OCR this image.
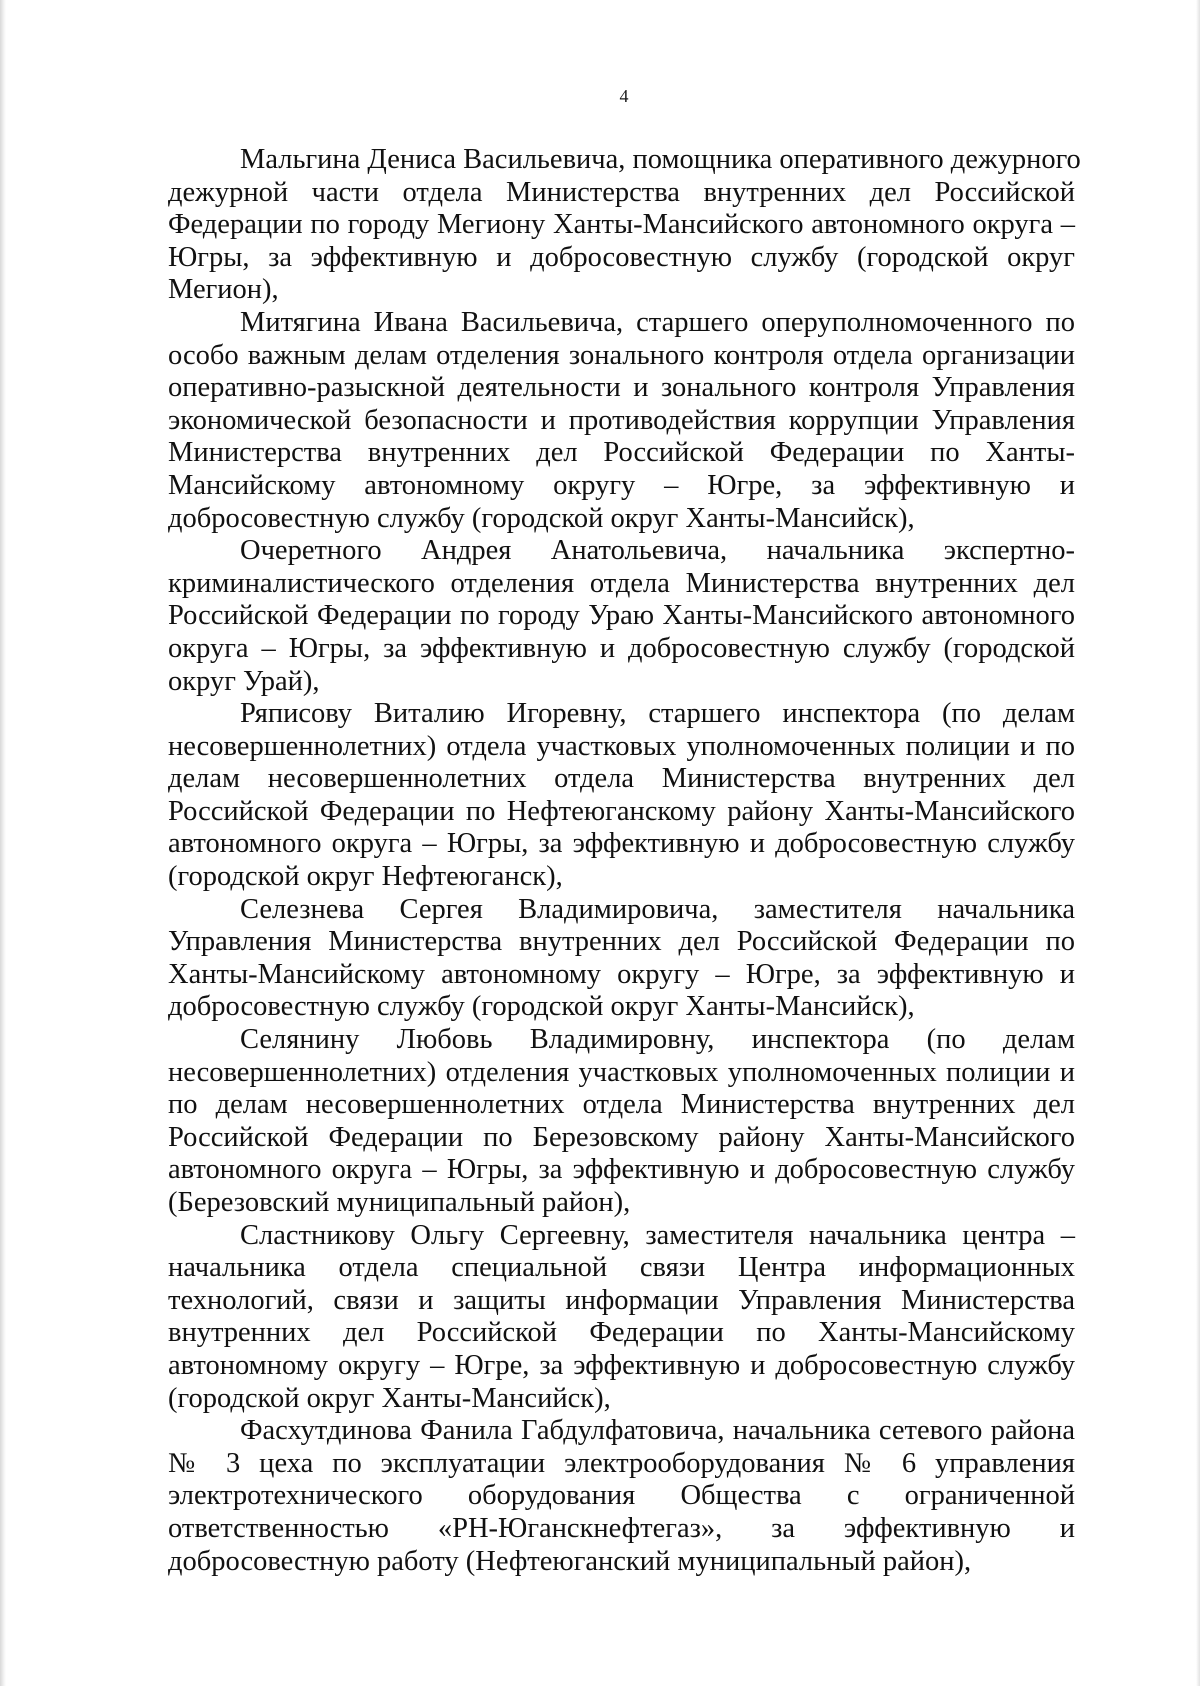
4
Мальгина Дениса Васильевича, помощника оперативного дежурного
дежурной части отдела Министерства внутренних дел Российской
Федерации по городу Мегиону Ханты-Мансийского автономного округа –
Югры, за эффективную и добросовестную службу (городской округ
Мегион),
Митягина Ивана Васильевича, старшего оперуполномоченного по
особо важным делам отделения зонального контроля отдела организации
оперативно-разыскной деятельности и зонального контроля Управления
экономической безопасности и противодействия коррупции Управления
Министерства внутренних дел Российской Федерации по Ханты-
Мансийскому автономному округу – Югре, за эффективную и
добросовестную службу (городской округ Ханты-Мансийск),
Очеретного Андрея Анатольевича, начальника экспертно-
криминалистического отделения отдела Министерства внутренних дел
Российской Федерации по городу Ураю Ханты-Мансийского автономного
округа – Югры, за эффективную и добросовестную службу (городской
округ Урай),
Ряписову Виталию Игоревну, старшего инспектора (по делам
несовершеннолетних) отдела участковых уполномоченных полиции и по
делам несовершеннолетних отдела Министерства внутренних дел
Российской Федерации по Нефтеюганскому району Ханты-Мансийского
автономного округа – Югры, за эффективную и добросовестную службу
(городской округ Нефтеюганск),
Селезнева Сергея Владимировича, заместителя начальника
Управления Министерства внутренних дел Российской Федерации по
Ханты-Мансийскому автономному округу – Югре, за эффективную и
добросовестную службу (городской округ Ханты-Мансийск),
Селянину Любовь Владимировну, инспектора (по делам
несовершеннолетних) отделения участковых уполномоченных полиции и
по делам несовершеннолетних отдела Министерства внутренних дел
Российской Федерации по Березовскому району Ханты-Мансийского
автономного округа – Югры, за эффективную и добросовестную службу
(Березовский муниципальный район),
Сластникову Ольгу Сергеевну, заместителя начальника центра –
начальника отдела специальной связи Центра информационных
технологий, связи и защиты информации Управления Министерства
внутренних дел Российской Федерации по Ханты-Мансийскому
автономному округу – Югре, за эффективную и добросовестную службу
(городской округ Ханты-Мансийск),
Фасхутдинова Фанила Габдулфатовича, начальника сетевого района
№ 3 цеха по эксплуатации электрооборудования № 6 управления
электротехнического оборудования Общества с ограниченной
ответственностью «РН-Юганскнефтегаз», за эффективную и
добросовестную работу (Нефтеюганский муниципальный район),
